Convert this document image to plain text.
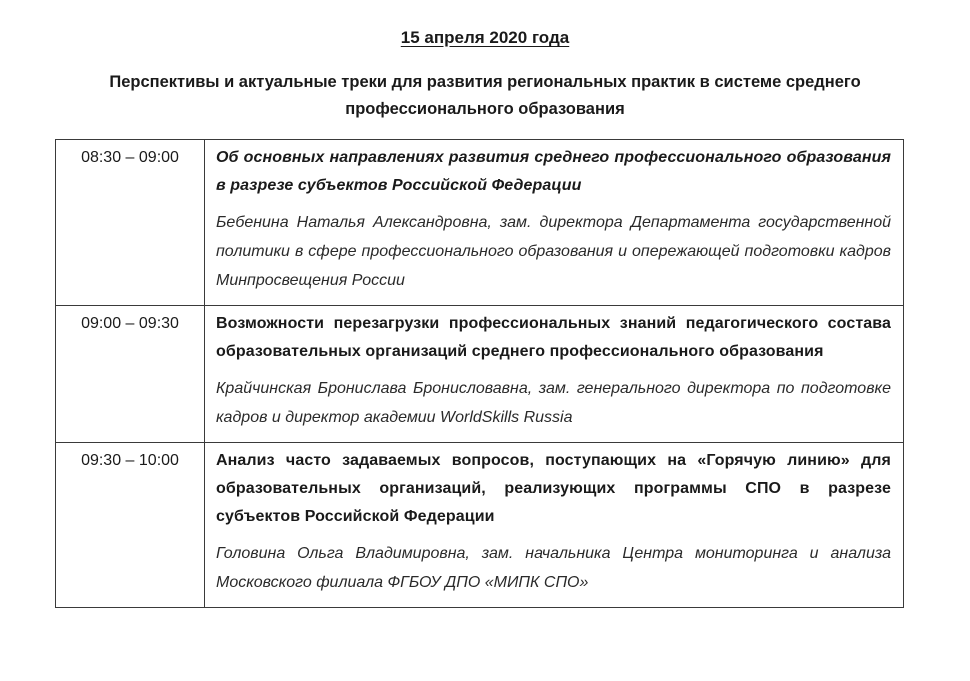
15 апреля 2020 года
Перспективы и актуальные треки для развития региональных практик в системе среднего профессионального образования
08:30 – 09:00	Об основных направлениях развития среднего профессионального образования в разрезе субъектов Российской Федерации
Бебенина Наталья Александровна, зам. директора Департамента государственной политики в сфере профессионального образования и опережающей подготовки кадров Минпросвещения России

09:00 – 09:30	Возможности перезагрузки профессиональных знаний педагогического состава образовательных организаций среднего профессионального образования
Крайчинская Бронислава Бронисловавна, зам. генерального директора по подготовке кадров и директор академии WorldSkills Russia

09:30 – 10:00	Анализ часто задаваемых вопросов, поступающих на «Горячую линию» для образовательных организаций, реализующих программы СПО в разрезе субъектов Российской Федерации
Головина Ольга Владимировна, зам. начальника Центра мониторинга и анализа Московского филиала ФГБОУ ДПО «МИПК СПО»
